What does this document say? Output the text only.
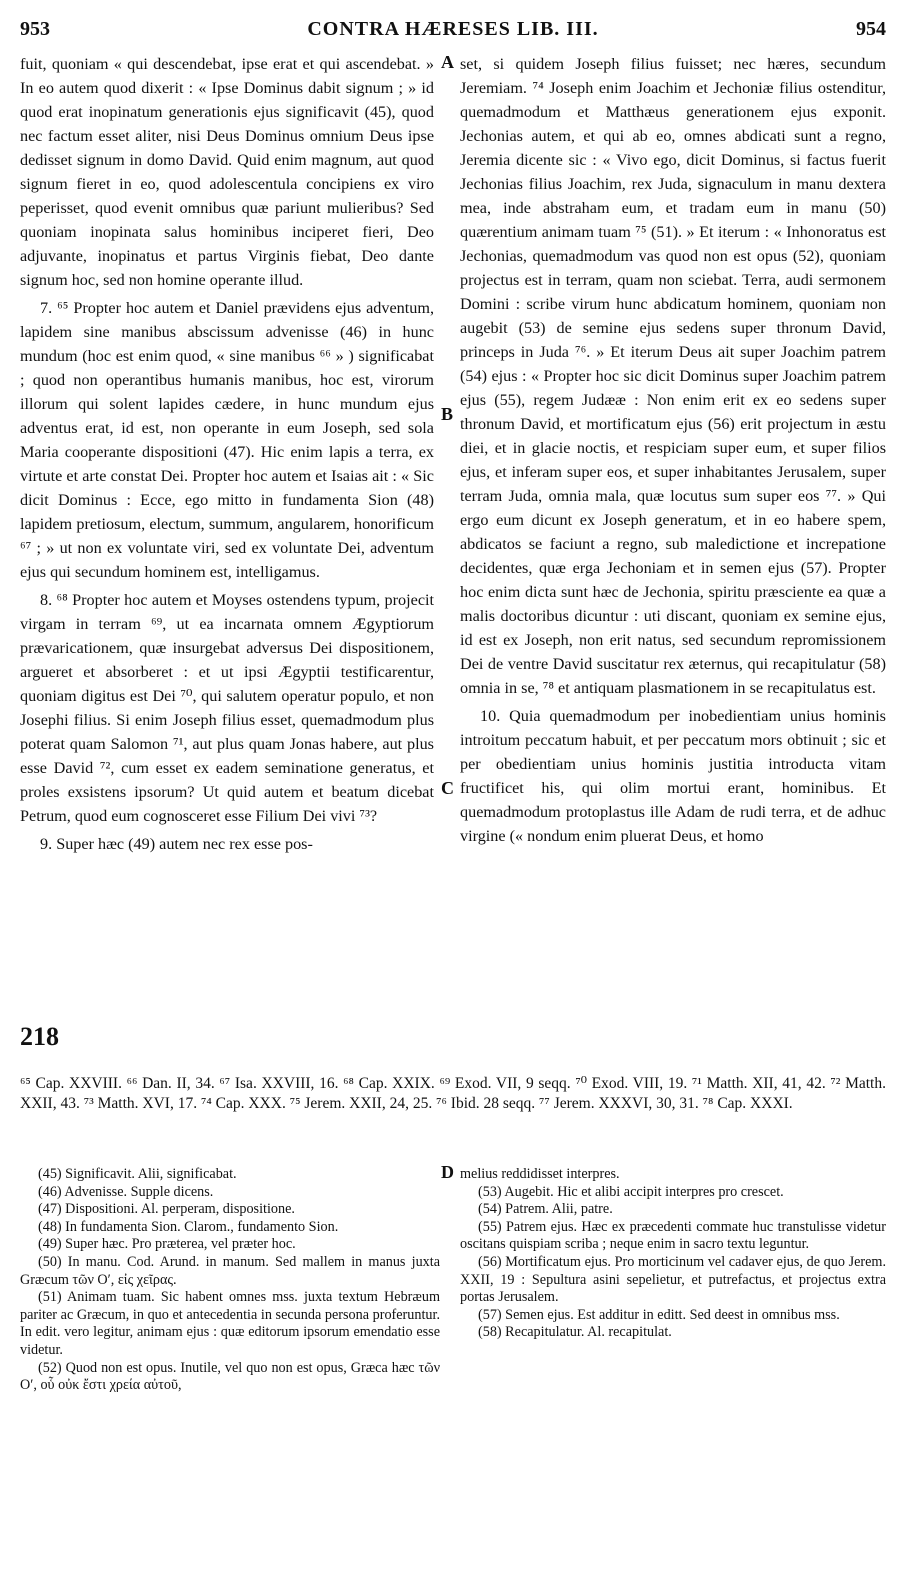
953	CONTRA HÆRESES LIB. III.	954

fuit, quoniam « qui descendebat, ipse erat et qui ascendebat. » In eo autem quod dixerit : « Ipse Dominus dabit signum ; » id quod erat inopinatum generationis ejus significavit (45), quod nec factum esset aliter, nisi Deus Dominus omnium Deus ipse dedisset signum in domo David. Quid enim magnum, aut quod signum fieret in eo, quod adolescentula concipiens ex viro peperisset, quod evenit omnibus quæ pariunt mulieribus? Sed quoniam inopinata salus hominibus inciperet fieri, Deo adjuvante, inopinatus et partus Virginis fiebat, Deo dante signum hoc, sed non homine operante illud.

7. ⁶⁵ Propter hoc autem et Daniel prævidens ejus adventum, lapidem sine manibus abscissum advenisse (46) in hunc mundum (hoc est enim quod, « sine manibus ⁶⁶ » ) significabat ; quod non operantibus humanis manibus, hoc est, virorum illorum qui solent lapides cædere, in hunc mundum ejus adventus erat, id est, non operante in eum Joseph, sed sola Maria cooperante dispositioni (47). Hic enim lapis a terra, ex virtute et arte constat Dei. Propter hoc autem et Isaias ait : « Sic dicit Dominus : Ecce, ego mitto in fundamenta Sion (48) lapidem pretiosum, electum, summum, angularem, honorificum ⁶⁷ ; » ut non ex voluntate viri, sed ex voluntate Dei, adventum ejus qui secundum hominem est, intelligamus.

8. ⁶⁸ Propter hoc autem et Moyses ostendens typum, projecit virgam in terram ⁶⁹, ut ea incarnata omnem Ægyptiorum prævaricationem, quæ insurgebat adversus Dei dispositionem, argueret et absorberet : et ut ipsi Ægyptii testificarentur, quoniam digitus est Dei ⁷⁰, qui salutem operatur populo, et non Josephi filius. Si enim Joseph filius esset, quemadmodum plus poterat quam Salomon ⁷¹, aut plus quam Jonas habere, aut plus esse David ⁷², cum esset ex eadem seminatione generatus, et proles exsistens ipsorum? Ut quid autem et beatum dicebat Petrum, quod eum cognosceret esse Filium Dei vivi ⁷³?

9. Super hæc (49) autem nec rex esse pos-

set, si quidem Joseph filius fuisset; nec hæres, secundum Jeremiam. ⁷⁴ Joseph enim Joachim et Jechoniæ filius ostenditur, quemadmodum et Matthæus generationem ejus exponit. Jechonias autem, et qui ab eo, omnes abdicati sunt a regno, Jeremia dicente sic : « Vivo ego, dicit Dominus, si factus fuerit Jechonias filius Joachim, rex Juda, signaculum in manu dextera mea, inde abstraham eum, et tradam eum in manu (50) quærentium animam tuam ⁷⁵ (51). » Et iterum : « Inhonoratus est Jechonias, quemadmodum vas quod non est opus (52), quoniam projectus est in terram, quam non sciebat. Terra, audi sermonem Domini : scribe virum hunc abdicatum hominem, quoniam non augebit (53) de semine ejus sedens super thronum David, princeps in Juda ⁷⁶. » Et iterum Deus ait super Joachim patrem (54) ejus : « Propter hoc sic dicit Dominus super Joachim patrem ejus (55), regem Judææ : Non enim erit ex eo sedens super thronum David, et mortificatum ejus (56) erit projectum in æstu diei, et in glacie noctis, et respiciam super eum, et super filios ejus, et inferam super eos, et super inhabitantes Jerusalem, super terram Juda, omnia mala, quæ locutus sum super eos ⁷⁷. » Qui ergo eum dicunt ex Joseph generatum, et in eo habere spem, abdicatos se faciunt a regno, sub maledictione et increpatione decidentes, quæ erga Jechoniam et in semen ejus (57). Propter hoc enim dicta sunt hæc de Jechonia, spiritu præsciente ea quæ a malis doctoribus dicuntur : uti discant, quoniam ex semine ejus, id est ex Joseph, non erit natus, sed secundum repromissionem Dei de ventre David suscitatur rex æternus, qui recapitulatur (58) omnia in se, ⁷⁸ et antiquam plasmationem in se recapitulatus est.

10. Quia quemadmodum per inobedientiam unius hominis introitum peccatum habuit, et per peccatum mors obtinuit ; sic et per obedientiam unius hominis justitia introducta vitam fructificet his, qui olim mortui erant, hominibus. Et quemadmodum protoplastus ille Adam de rudi terra, et de adhuc virgine (« nondum enim pluerat Deus, et homo

A
B
C
D
218
⁶⁵ Cap. XXVIII. ⁶⁶ Dan. II, 34. ⁶⁷ Isa. XXVIII, 16. ⁶⁸ Cap. XXIX. ⁶⁹ Exod. VII, 9 seqq. ⁷⁰ Exod. VIII, 19. ⁷¹ Matth. XII, 41, 42. ⁷² Matth. XXII, 43. ⁷³ Matth. XVI, 17. ⁷⁴ Cap. XXX. ⁷⁵ Jerem. XXII, 24, 25. ⁷⁶ Ibid. 28 seqq. ⁷⁷ Jerem. XXXVI, 30, 31. ⁷⁸ Cap. XXXI.
(45) Significavit. Alii, significabat.
(46) Advenisse. Supple dicens.
(47) Dispositioni. Al. perperam, dispositione.
(48) In fundamenta Sion. Clarom., fundamento Sion.
(49) Super hæc. Pro præterea, vel præter hoc.
(50) In manu. Cod. Arund. in manum. Sed mallem in manus juxta Græcum τῶν Οʹ, εἰς χεῖρας.
(51) Animam tuam. Sic habent omnes mss. juxta textum Hebræum pariter ac Græcum, in quo et antecedentia in secunda persona proferuntur. In edit. vero legitur, animam ejus : quæ editorum ipsorum emendatio esse videtur.
(52) Quod non est opus. Inutile, vel quo non est opus, Græca hæc τῶν Οʹ, οὗ οὐκ ἔστι χρεία αὐτοῦ,
melius reddidisset interpres.
(53) Augebit. Hic et alibi accipit interpres pro crescet.
(54) Patrem. Alii, patre.
(55) Patrem ejus. Hæc ex præcedenti commate huc transtulisse videtur oscitans quispiam scriba ; neque enim in sacro textu leguntur.
(56) Mortificatum ejus. Pro morticinum vel cadaver ejus, de quo Jerem. XXII, 19 : Sepultura asini sepelietur, et putrefactus, et projectus extra portas Jerusalem.
(57) Semen ejus. Est additur in editt. Sed deest in omnibus mss.
(58) Recapitulatur. Al. recapitulat.
